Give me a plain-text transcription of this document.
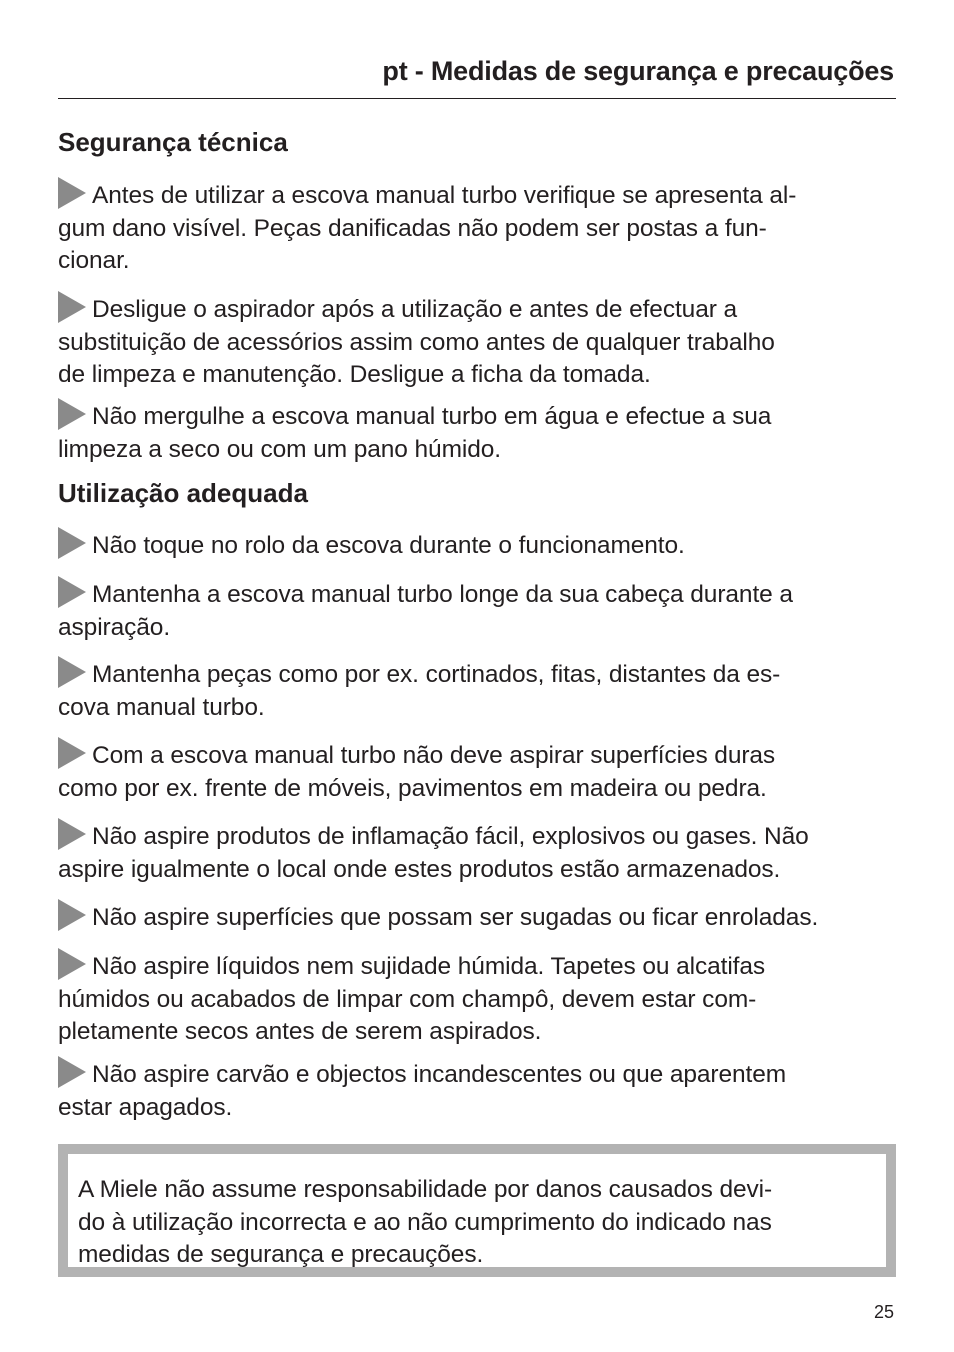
pt - Medidas de segurança e precauções
Segurança técnica
Antes de utilizar a escova manual turbo verifique se apresenta al-
gum dano visível. Peças danificadas não podem ser postas a fun-
cionar.
Desligue o aspirador após a utilização e antes de efectuar a
substituição de acessórios assim como antes de qualquer trabalho
de limpeza e manutenção. Desligue a ficha da tomada.
Não mergulhe a escova manual turbo em água e efectue a sua
limpeza a seco ou com um pano húmido.
Utilização adequada
Não toque no rolo da escova durante o funcionamento.
Mantenha a escova manual turbo longe da sua cabeça durante a
aspiração.
Mantenha peças como por ex. cortinados, fitas, distantes da es-
cova manual turbo.
Com a escova manual turbo não deve aspirar superfícies duras
como por ex. frente de móveis, pavimentos em madeira ou pedra.
Não aspire produtos de inflamação fácil, explosivos ou gases. Não
aspire igualmente o local onde estes produtos estão armazenados.
Não aspire superfícies que possam ser sugadas ou ficar enroladas.
Não aspire líquidos nem sujidade húmida. Tapetes ou alcatifas
húmidos ou acabados de limpar com champô, devem estar com-
pletamente secos antes de serem aspirados.
Não aspire carvão e objectos incandescentes ou que aparentem
estar apagados.
A Miele não assume responsabilidade por danos causados devi-
do à utilização incorrecta e ao não cumprimento do indicado nas
medidas de segurança e precauções.
25
